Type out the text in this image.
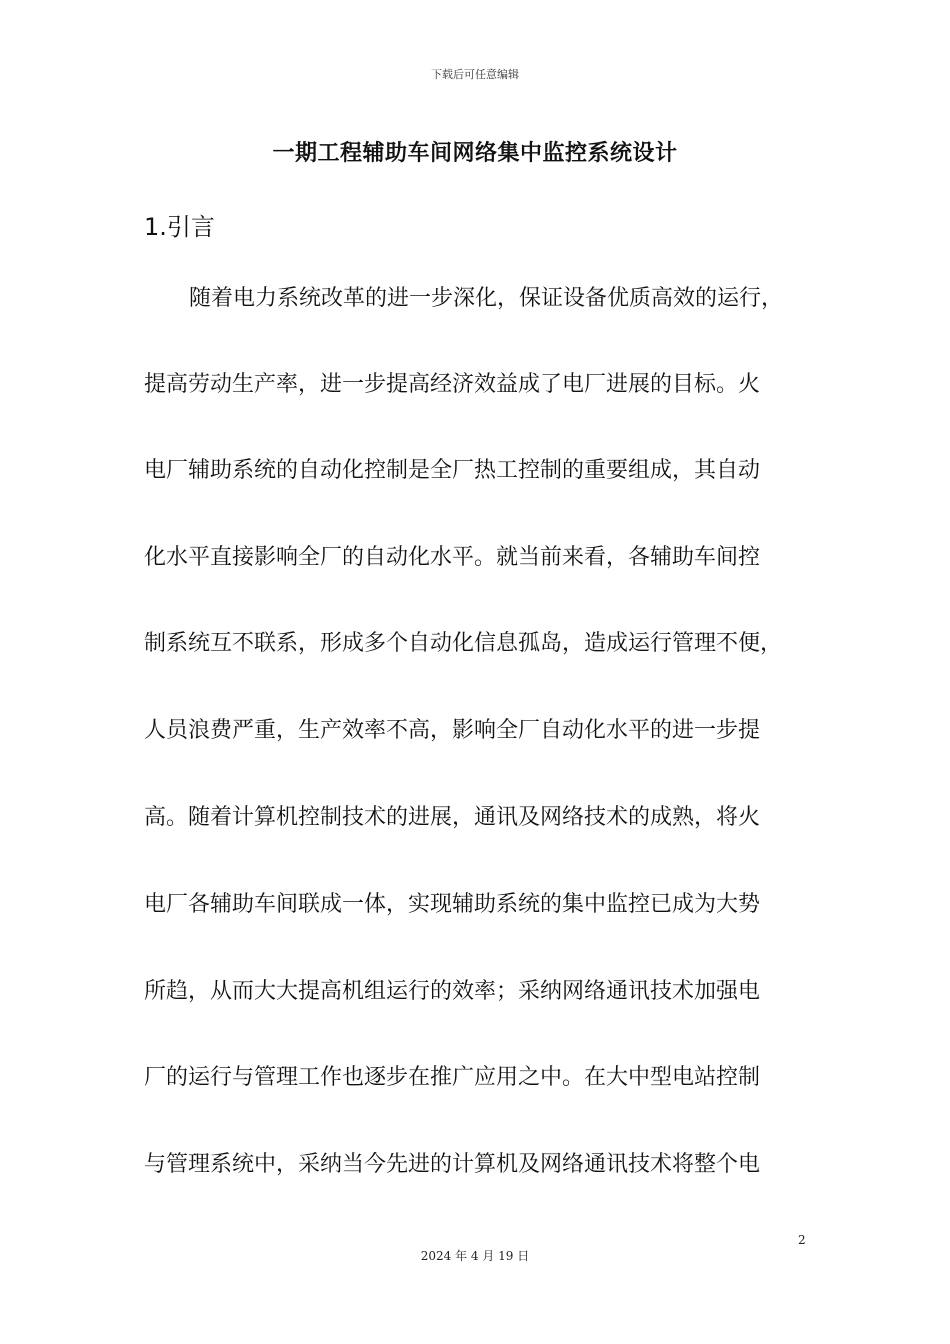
下载后可任意编辑
一期工程辅助车间网络集中监控系统设计
1.引言
随着电力系统改革的进一步深化，保证设备优质高效的运行，
提高劳动生产率，进一步提高经济效益成了电厂进展的目标。火
电厂辅助系统的自动化控制是全厂热工控制的重要组成，其自动
化水平直接影响全厂的自动化水平。就当前来看，各辅助车间控
制系统互不联系，形成多个自动化信息孤岛，造成运行管理不便，
人员浪费严重，生产效率不高，影响全厂自动化水平的进一步提
高。随着计算机控制技术的进展，通讯及网络技术的成熟，将火
电厂各辅助车间联成一体，实现辅助系统的集中监控已成为大势
所趋，从而大大提高机组运行的效率；采纳网络通讯技术加强电
厂的运行与管理工作也逐步在推广应用之中。在大中型电站控制
与管理系统中，采纳当今先进的计算机及网络通讯技术将整个电
2
2024 年 4 月 19 日
